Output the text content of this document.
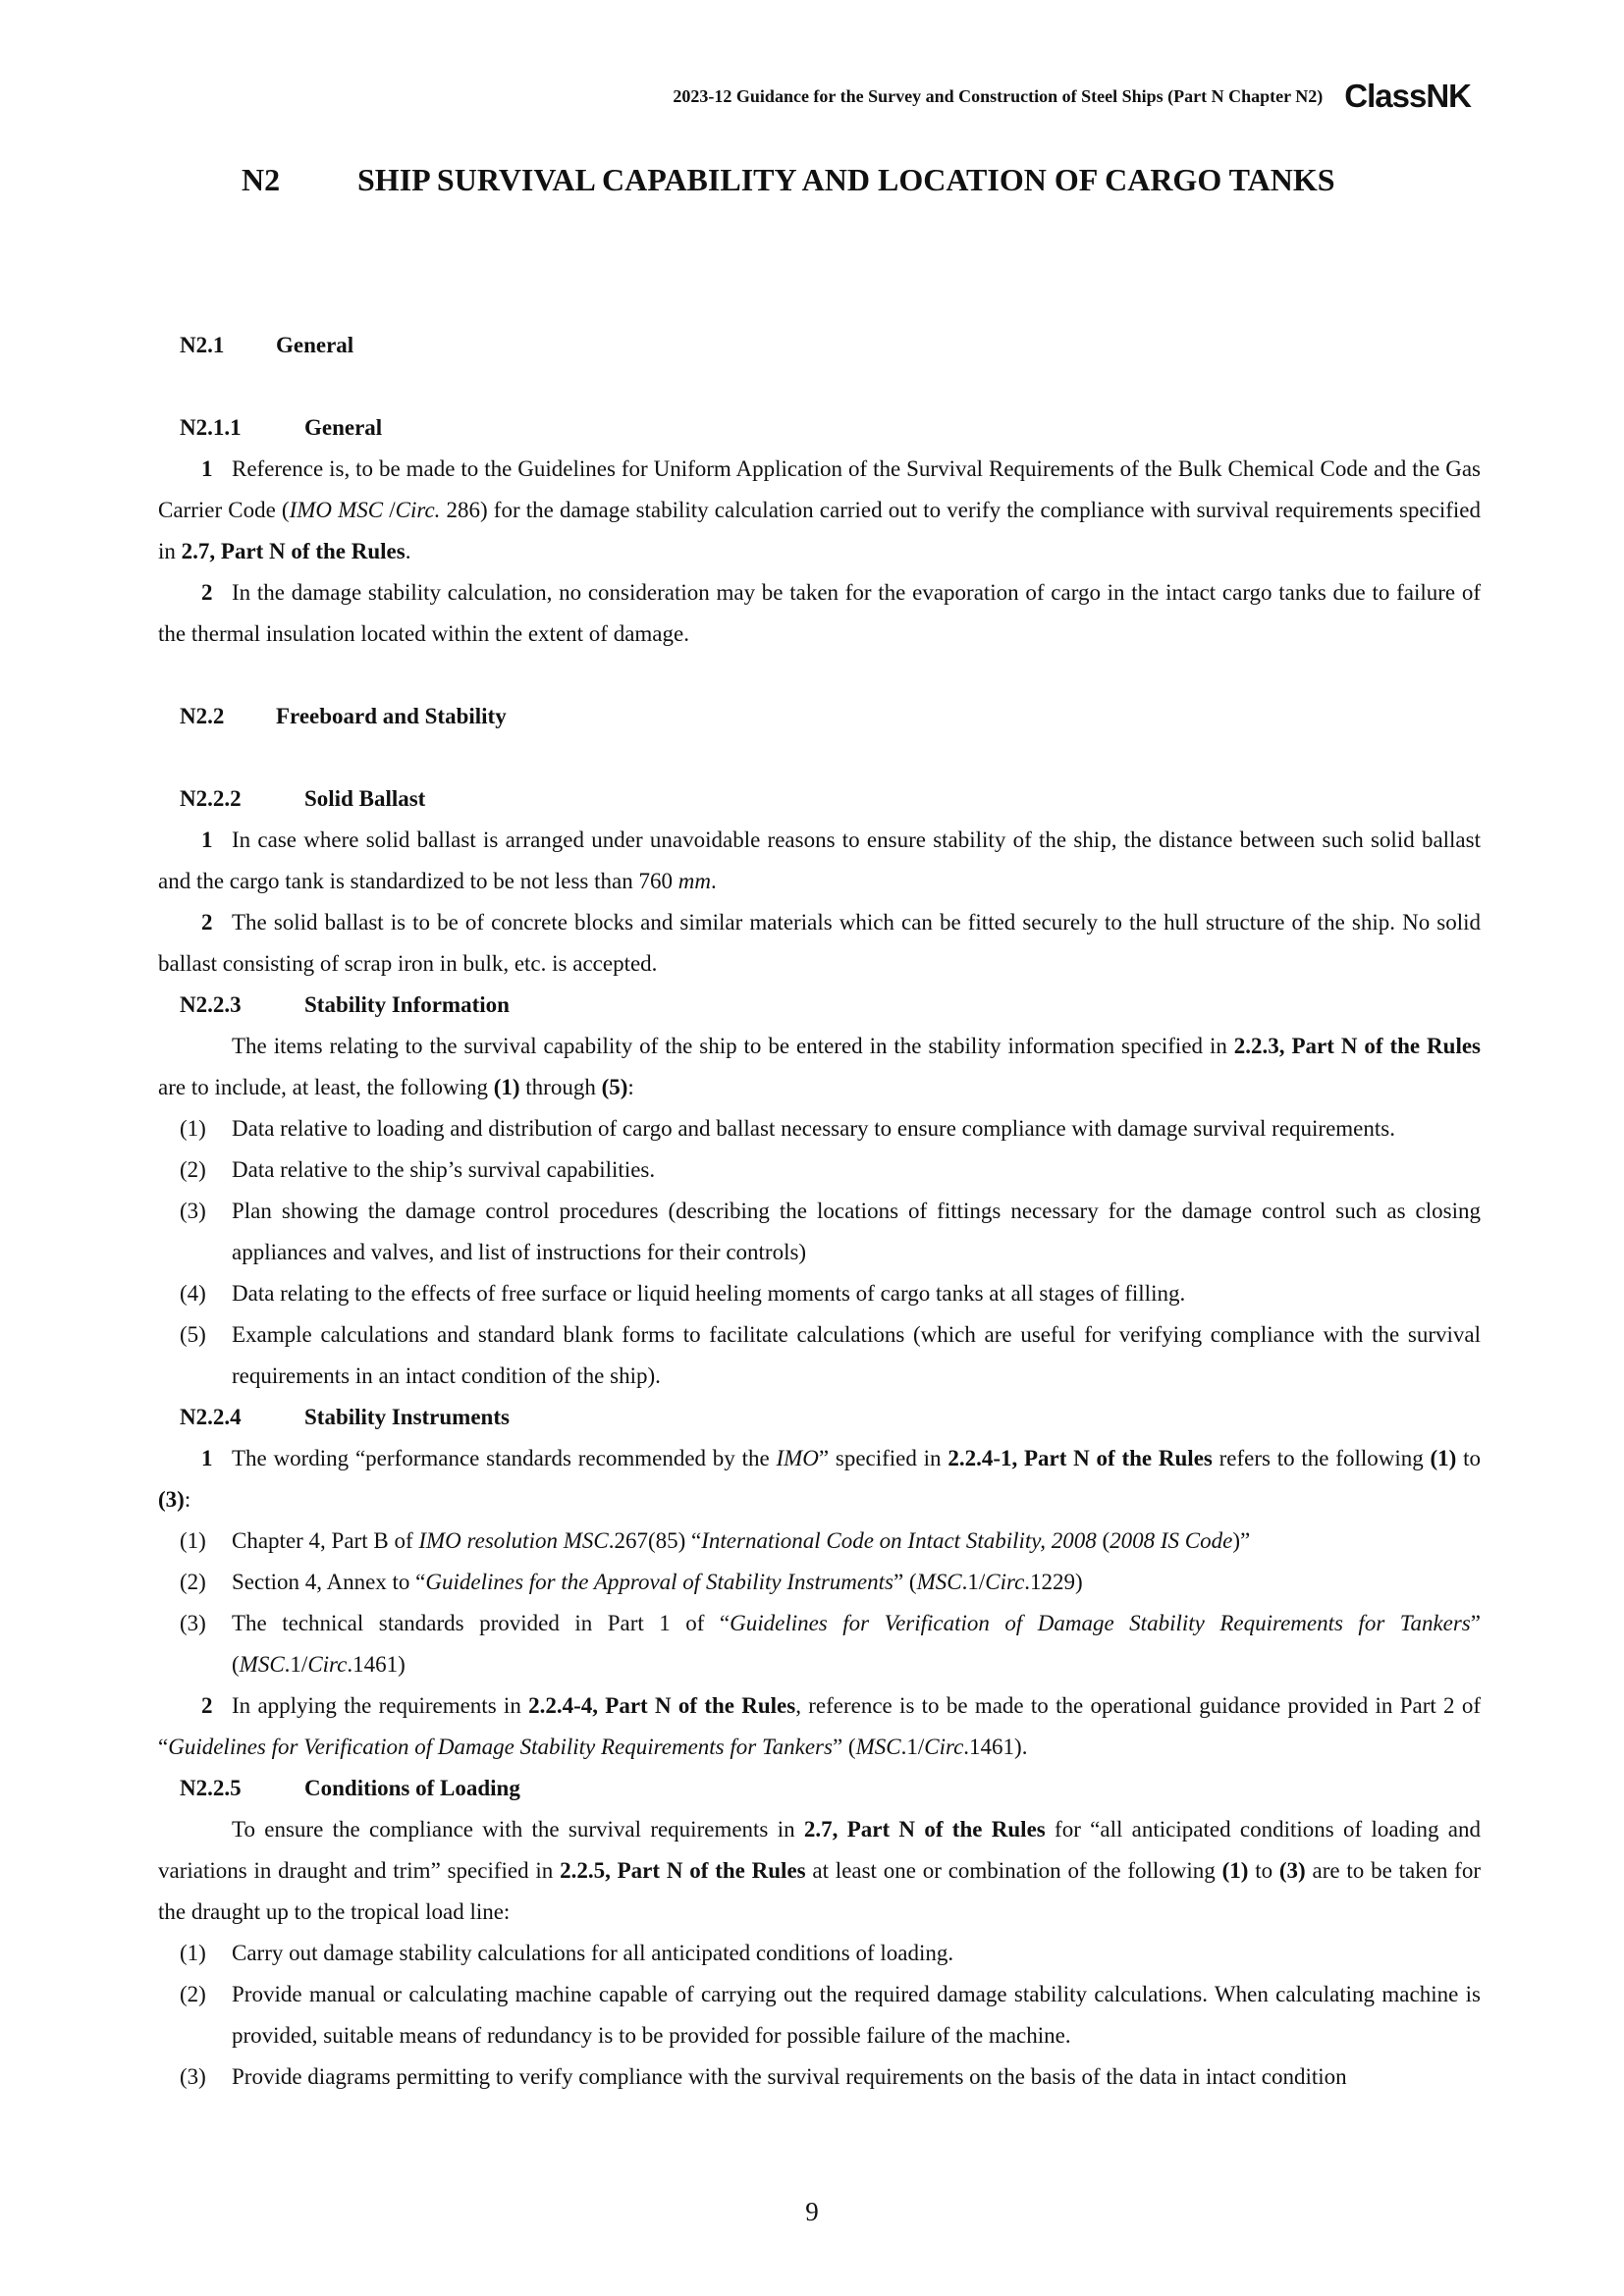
2023-12 Guidance for the Survey and Construction of Steel Ships (Part N Chapter N2) ClassNK
N2 SHIP SURVIVAL CAPABILITY AND LOCATION OF CARGO TANKS
N2.1 General
N2.1.1	General

1 Reference is, to be made to the Guidelines for Uniform Application of the Survival Requirements of the Bulk Chemical Code and the Gas Carrier Code (IMO MSC /Circ. 286) for the damage stability calculation carried out to verify the compliance with survival requirements specified in 2.7, Part N of the Rules.

2 In the damage stability calculation, no consideration may be taken for the evaporation of cargo in the intact cargo tanks due to failure of the thermal insulation located within the extent of damage.

N2.2 Freeboard and Stability
N2.2.2	Solid Ballast

1 In case where solid ballast is arranged under unavoidable reasons to ensure stability of the ship, the distance between such solid ballast and the cargo tank is standardized to be not less than 760 mm.

2 The solid ballast is to be of concrete blocks and similar materials which can be fitted securely to the hull structure of the ship. No solid ballast consisting of scrap iron in bulk, etc. is accepted.

N2.2.3	Stability Information

The items relating to the survival capability of the ship to be entered in the stability information specified in 2.2.3, Part N of the Rules are to include, at least, the following (1) through (5):

(1)	Data relative to loading and distribution of cargo and ballast necessary to ensure compliance with damage survival requirements.
(2)	Data relative to the ship’s survival capabilities.
(3)	Plan showing the damage control procedures (describing the locations of fittings necessary for the damage control such as closing appliances and valves, and list of instructions for their controls)
(4)	Data relating to the effects of free surface or liquid heeling moments of cargo tanks at all stages of filling.
(5)	Example calculations and standard blank forms to facilitate calculations (which are useful for verifying compliance with the survival requirements in an intact condition of the ship).
N2.2.4	Stability Instruments

1 The wording “performance standards recommended by the IMO” specified in 2.2.4-1, Part N of the Rules refers to the following (1) to (3):

(1)	Chapter 4, Part B of IMO resolution MSC.267(85) “International Code on Intact Stability, 2008 (2008 IS Code)”
(2)	Section 4, Annex to “Guidelines for the Approval of Stability Instruments” (MSC.1/Circ.1229)
(3)	The technical standards provided in Part 1 of “Guidelines for Verification of Damage Stability Requirements for Tankers” (MSC.1/Circ.1461)

2 In applying the requirements in 2.2.4-4, Part N of the Rules, reference is to be made to the operational guidance provided in Part 2 of “Guidelines for Verification of Damage Stability Requirements for Tankers” (MSC.1/Circ.1461).

N2.2.5	Conditions of Loading

To ensure the compliance with the survival requirements in 2.7, Part N of the Rules for “all anticipated conditions of loading and variations in draught and trim” specified in 2.2.5, Part N of the Rules at least one or combination of the following (1) to (3) are to be taken for the draught up to the tropical load line:

(1)	Carry out damage stability calculations for all anticipated conditions of loading.
(2)	Provide manual or calculating machine capable of carrying out the required damage stability calculations. When calculating machine is provided, suitable means of redundancy is to be provided for possible failure of the machine.
(3)	Provide diagrams permitting to verify compliance with the survival requirements on the basis of the data in intact condition
9
